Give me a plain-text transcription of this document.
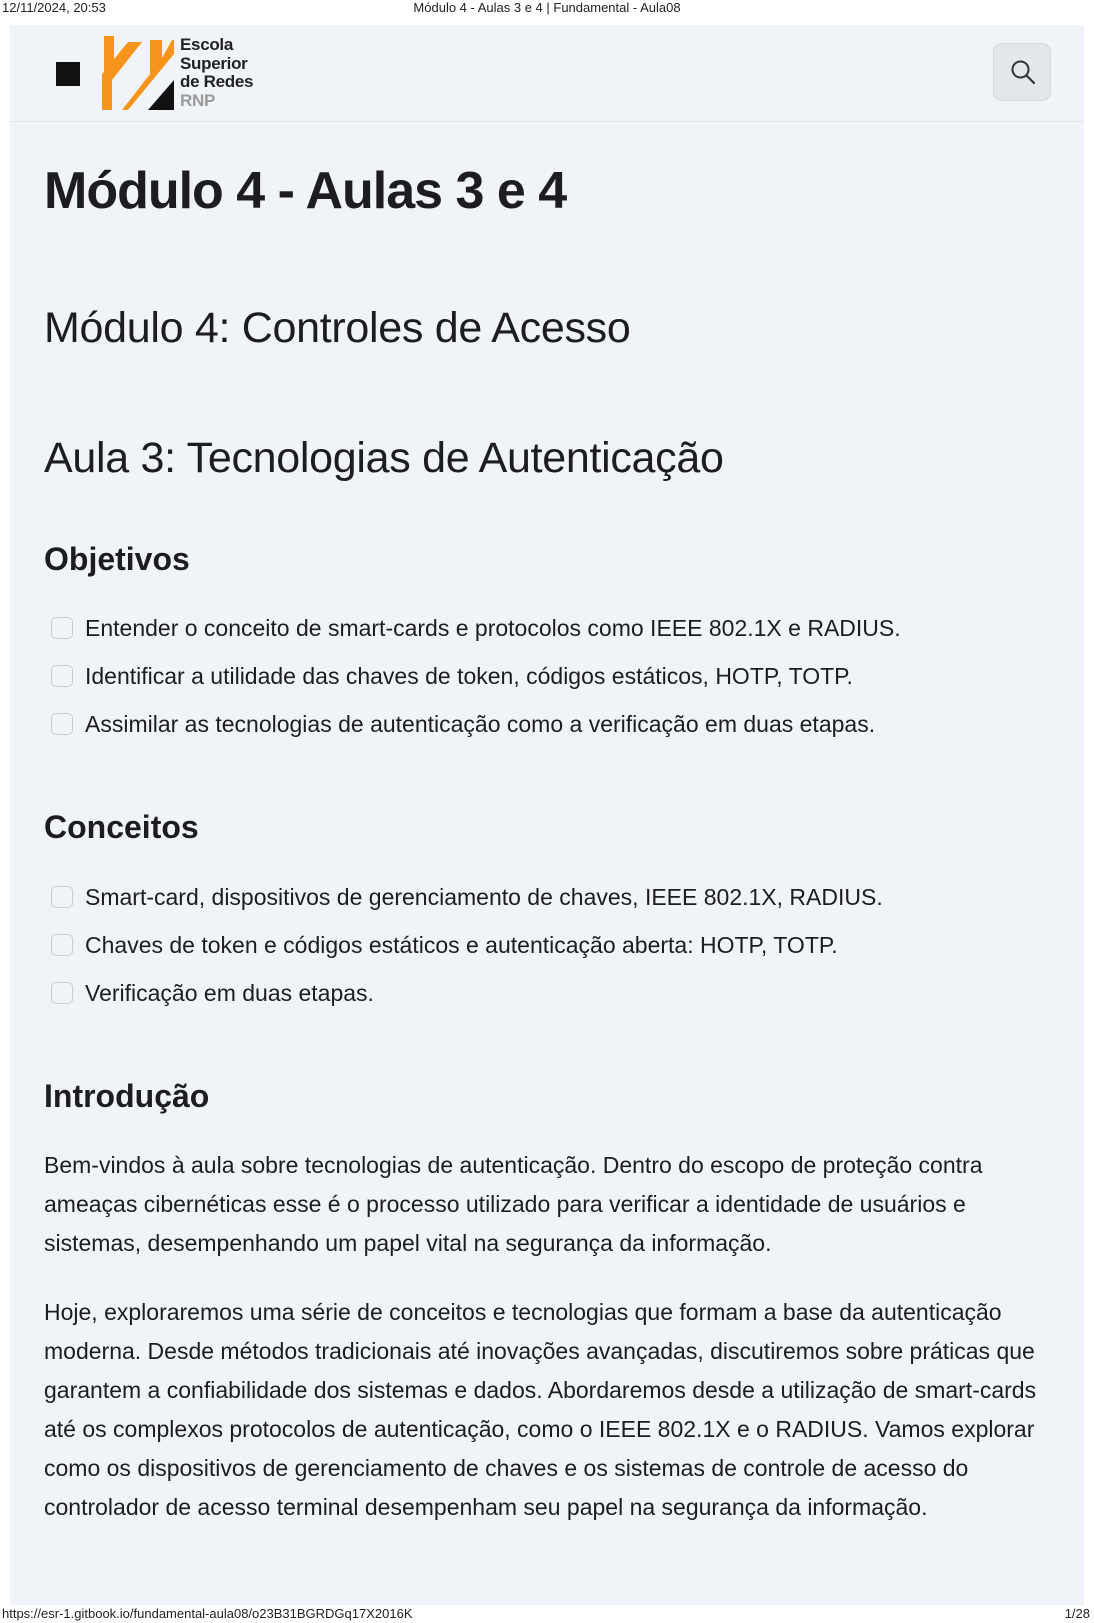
12/11/2024, 20:53	Módulo 4 - Aulas 3 e 4 | Fundamental - Aula08
Escola
Superior
de Redes
RNP
Módulo 4 - Aulas 3 e 4
Módulo 4: Controles de Acesso
Aula 3: Tecnologias de Autenticação
Objetivos
Entender o conceito de smart-cards e protocolos como IEEE 802.1X e RADIUS.
Identificar a utilidade das chaves de token, códigos estáticos, HOTP, TOTP.
Assimilar as tecnologias de autenticação como a verificação em duas etapas.
Conceitos
Smart-card, dispositivos de gerenciamento de chaves, IEEE 802.1X, RADIUS.
Chaves de token e códigos estáticos e autenticação aberta: HOTP, TOTP.
Verificação em duas etapas.
Introdução

Bem-vindos à aula sobre tecnologias de autenticação. Dentro do escopo de proteção contra ameaças cibernéticas esse é o processo utilizado para verificar a identidade de usuários e sistemas, desempenhando um papel vital na segurança da informação.

Hoje, exploraremos uma série de conceitos e tecnologias que formam a base da autenticação moderna. Desde métodos tradicionais até inovações avançadas, discutiremos sobre práticas que garantem a confiabilidade dos sistemas e dados. Abordaremos desde a utilização de smart-cards até os complexos protocolos de autenticação, como o IEEE 802.1X e o RADIUS. Vamos explorar como os dispositivos de gerenciamento de chaves e os sistemas de controle de acesso do controlador de acesso terminal desempenham seu papel na segurança da informação.

https://esr-1.gitbook.io/fundamental-aula08/o23B31BGRDGq17X2016K	1/28
